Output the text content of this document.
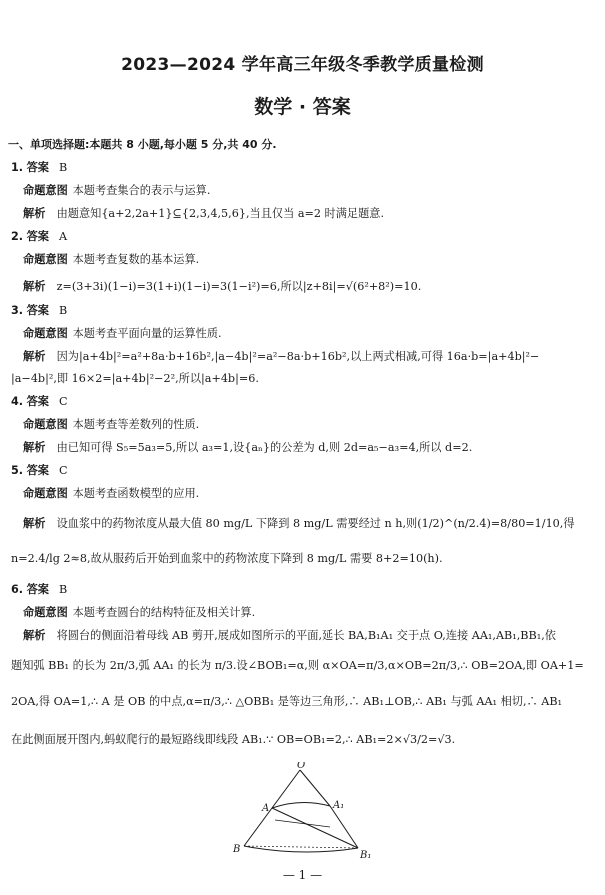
2023—2024 学年高三年级冬季教学质量检测
数学 · 答案
一、单项选择题:本题共 8 小题,每小题 5 分,共 40 分.
1. 答案 B
命题意图 本题考查集合的表示与运算.
解析 由题意知{a+2,2a+1}⊆{2,3,4,5,6},当且仅当 a=2 时满足题意.
2. 答案 A
命题意图 本题考查复数的基本运算.
解析 z=(3+3i)(1−i)=3(1+i)(1−i)=3(1−i²)=6,所以|z+8i|=√(6²+8²)=10.
3. 答案 B
命题意图 本题考查平面向量的运算性质.
解析 因为|a+4b|²=a²+8a·b+16b²,|a−4b|²=a²−8a·b+16b²,以上两式相减,可得 16a·b=|a+4b|²−
|a−4b|²,即 16×2=|a+4b|²−2²,所以|a+4b|=6.
4. 答案 C
命题意图 本题考查等差数列的性质.
解析 由已知可得 S₅=5a₃=5,所以 a₃=1,设{aₙ}的公差为 d,则 2d=a₅−a₃=4,所以 d=2.
5. 答案 C
命题意图 本题考查函数模型的应用.
解析 设血浆中的药物浓度从最大值 80 mg/L 下降到 8 mg/L 需要经过 n h,则(1/2)^(n/2.4)=8/80=1/10,得
n=2.4/lg 2≈8,故从服药后开始到血浆中的药物浓度下降到 8 mg/L 需要 8+2=10(h).
6. 答案 B
命题意图 本题考查圆台的结构特征及相关计算.
解析 将圆台的侧面沿着母线 AB 剪开,展成如图所示的平面,延长 BA,B₁A₁ 交于点 O,连接 AA₁,AB₁,BB₁,依
题知弧 BB₁ 的长为 2π/3,弧 AA₁ 的长为 π/3.设∠BOB₁=α,则 α×OA=π/3,α×OB=2π/3,∴ OB=2OA,即 OA+1=
2OA,得 OA=1,∴ A 是 OB 的中点,α=π/3,∴ △OBB₁ 是等边三角形,∴ AB₁⊥OB,∴ AB₁ 与弧 AA₁ 相切,∴ AB₁
在此侧面展开图内,蚂蚁爬行的最短路线即线段 AB₁.∵ OB=OB₁=2,∴ AB₁=2×√3/2=√3.
O
A	A₁
B
B₁
— 1 —
